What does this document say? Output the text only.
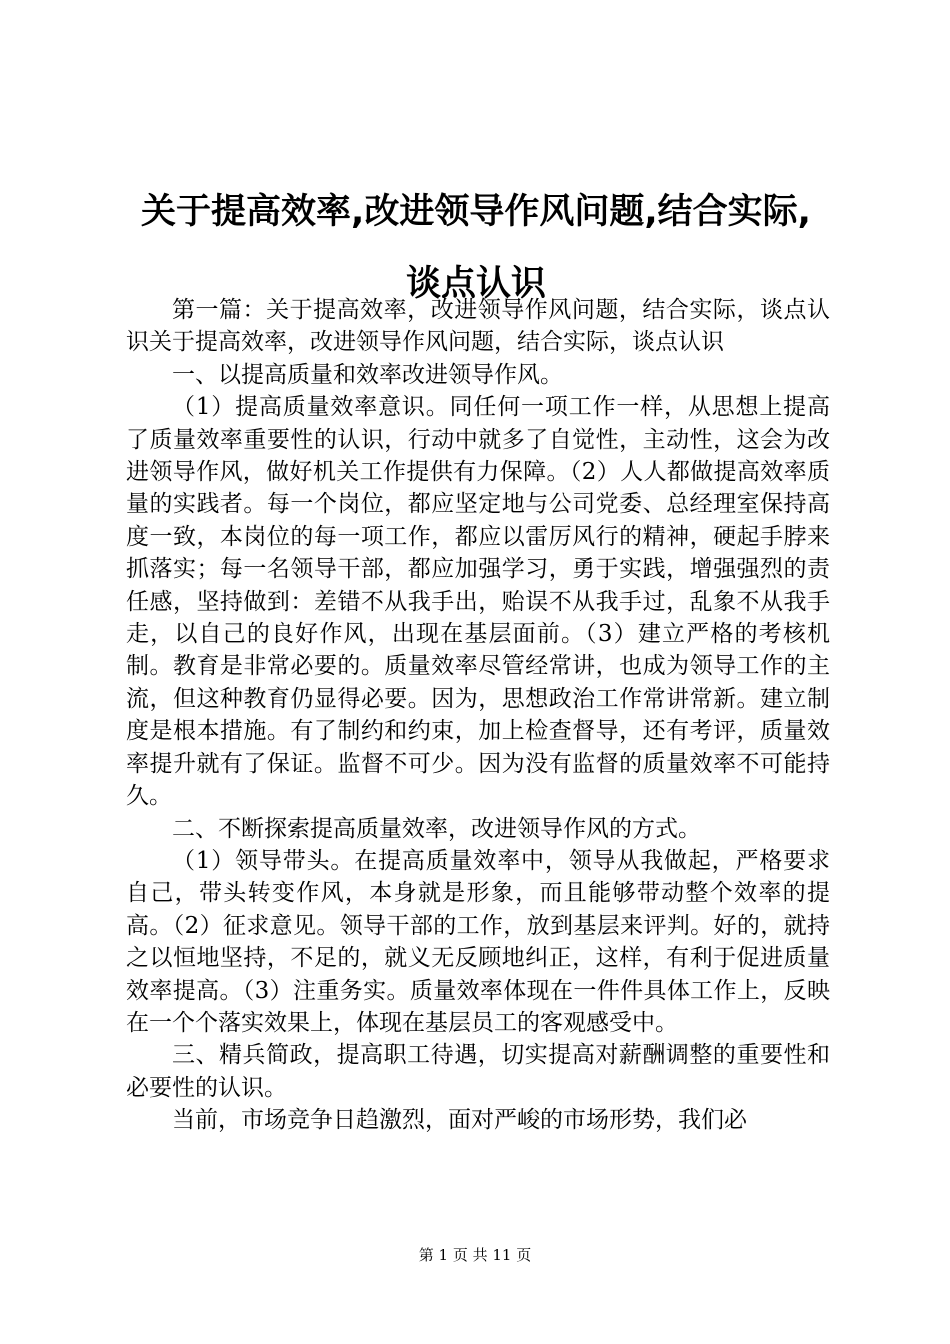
关于提高效率,改进领导作风问题,结合实际,
谈点认识

第一篇：关于提高效率，改进领导作风问题，结合实际，谈点认识关于提高效率，改进领导作风问题，结合实际，谈点认识

一、以提高质量和效率改进领导作风。

（1）提高质量效率意识。同任何一项工作一样，从思想上提高了质量效率重要性的认识，行动中就多了自觉性，主动性，这会为改进领导作风，做好机关工作提供有力保障。（2）人人都做提高效率质量的实践者。每一个岗位，都应坚定地与公司党委、总经理室保持高度一致，本岗位的每一项工作，都应以雷厉风行的精神，硬起手脖来抓落实；每一名领导干部，都应加强学习，勇于实践，增强强烈的责任感，坚持做到：差错不从我手出，贻误不从我手过，乱象不从我手走，以自己的良好作风，出现在基层面前。（3）建立严格的考核机制。教育是非常必要的。质量效率尽管经常讲，也成为领导工作的主流，但这种教育仍显得必要。因为，思想政治工作常讲常新。建立制度是根本措施。有了制约和约束，加上检查督导，还有考评，质量效率提升就有了保证。监督不可少。因为没有监督的质量效率不可能持久。

二、不断探索提高质量效率，改进领导作风的方式。

（1）领导带头。在提高质量效率中，领导从我做起，严格要求自己，带头转变作风，本身就是形象，而且能够带动整个效率的提高。（2）征求意见。领导干部的工作，放到基层来评判。好的，就持之以恒地坚持，不足的，就义无反顾地纠正，这样，有利于促进质量效率提高。（3）注重务实。质量效率体现在一件件具体工作上，反映在一个个落实效果上，体现在基层员工的客观感受中。

三、精兵简政，提高职工待遇，切实提高对薪酬调整的重要性和必要性的认识。

当前，市场竞争日趋激烈，面对严峻的市场形势，我们必

第 1 页 共 11 页
